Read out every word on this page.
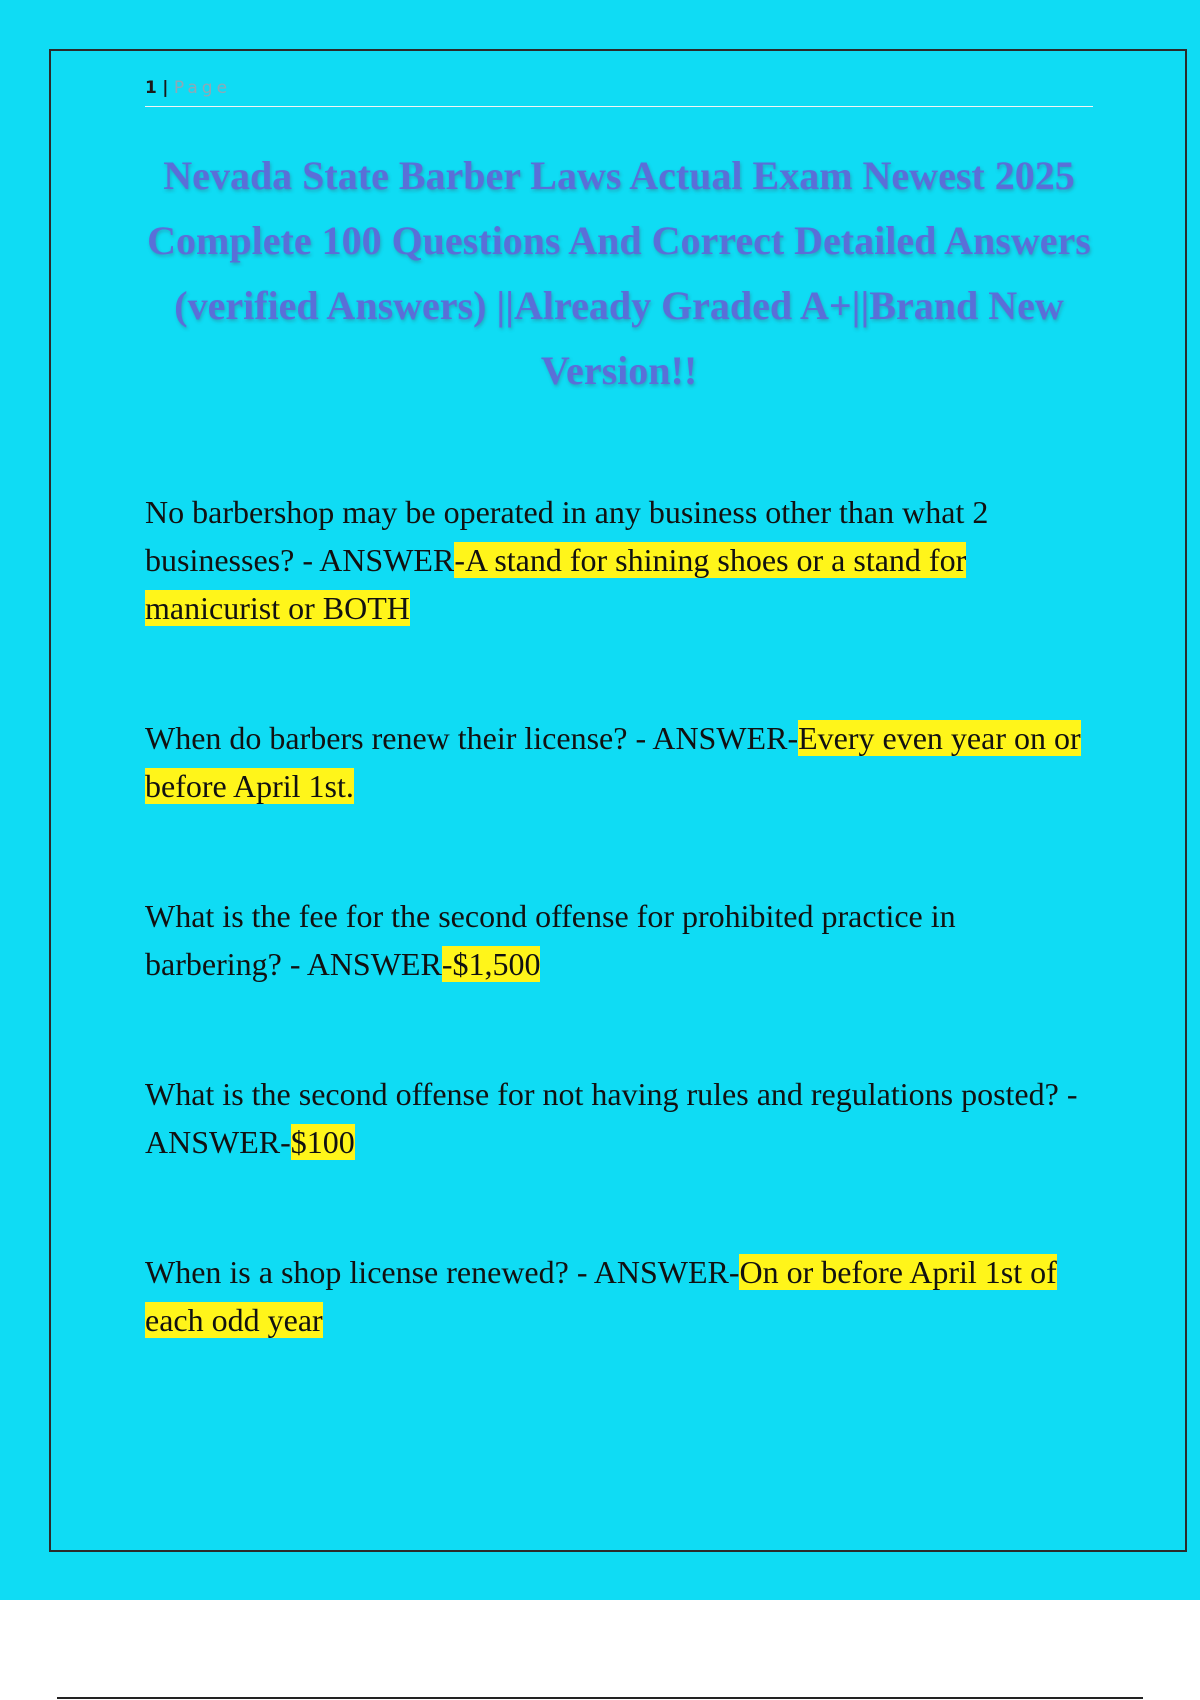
1 | Page
Nevada State Barber Laws Actual Exam Newest 2025 Complete 100 Questions And Correct Detailed Answers (verified Answers) ||Already Graded A+||Brand New Version!!

No barbershop may be operated in any business other than what 2 businesses? - ANSWER-A stand for shining shoes or a stand for manicurist or BOTH

When do barbers renew their license? - ANSWER-Every even year on or before April 1st.

What is the fee for the second offense for prohibited practice in barbering? - ANSWER-$1,500

What is the second offense for not having rules and regulations posted? - ANSWER-$100

When is a shop license renewed? - ANSWER-On or before April 1st of each odd year
